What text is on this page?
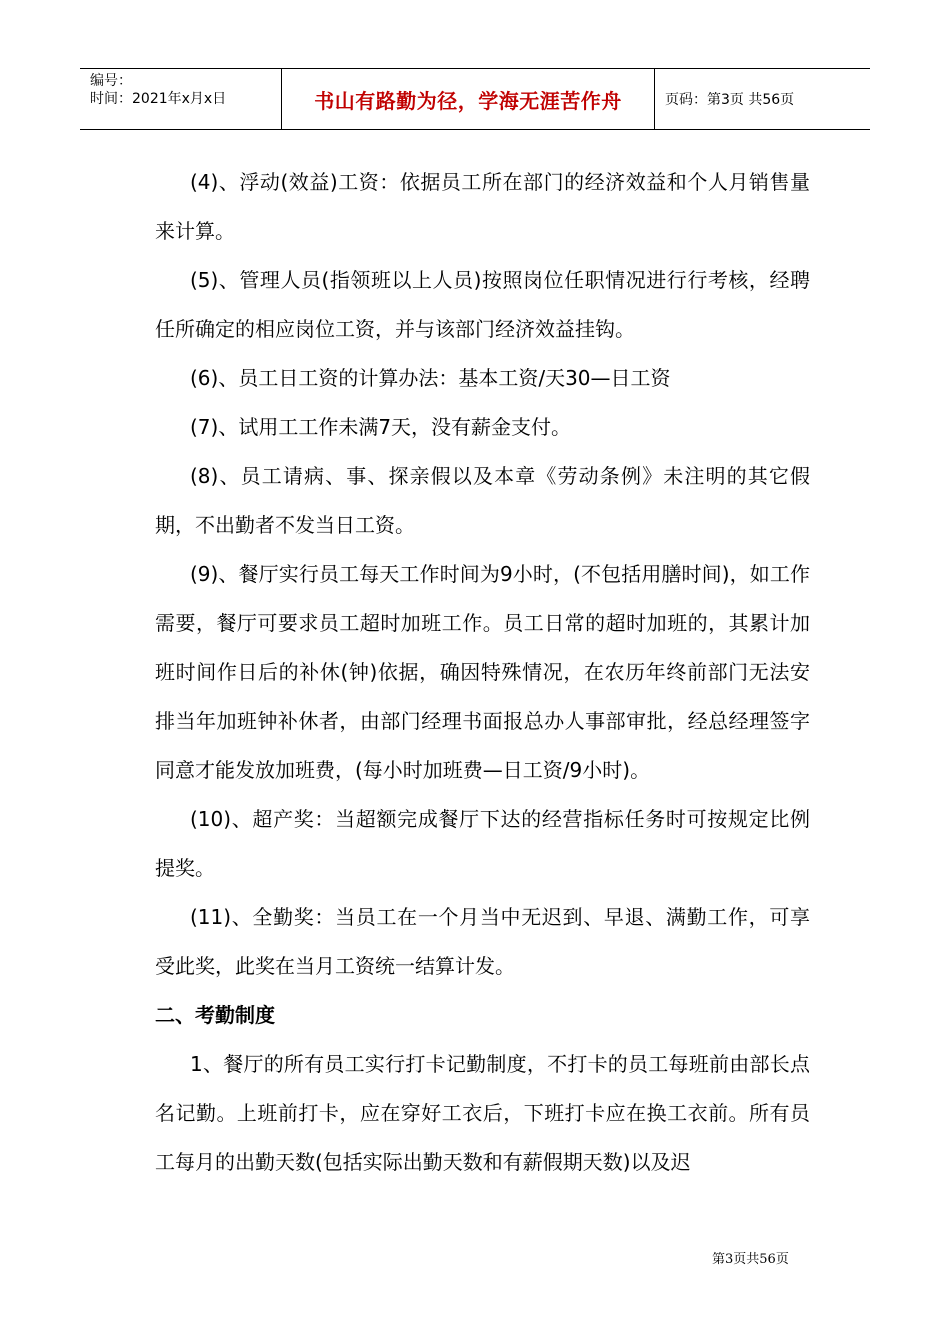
编号：
时间：2021年x月x日	书山有路勤为径，学海无涯苦作舟	页码：第3页 共56页

(4)、浮动(效益)工资：依据员工所在部门的经济效益和个人月销售量来计算。

(5)、管理人员(指领班以上人员)按照岗位任职情况进行行考核，经聘任所确定的相应岗位工资，并与该部门经济效益挂钩。

(6)、员工日工资的计算办法：基本工资/天30—日工资

(7)、试用工工作未满7天，没有薪金支付。

(8)、员工请病、事、探亲假以及本章《劳动条例》未注明的其它假期，不出勤者不发当日工资。

(9)、餐厅实行员工每天工作时间为9小时，(不包括用膳时间)，如工作需要，餐厅可要求员工超时加班工作。员工日常的超时加班的，其累计加班时间作日后的补休(钟)依据，确因特殊情况，在农历年终前部门无法安排当年加班钟补休者，由部门经理书面报总办人事部审批，经总经理签字同意才能发放加班费，(每小时加班费—日工资/9小时)。

(10)、超产奖：当超额完成餐厅下达的经营指标任务时可按规定比例提奖。

(11)、全勤奖：当员工在一个月当中无迟到、早退、满勤工作，可享受此奖，此奖在当月工资统一结算计发。

二、考勤制度

1、餐厅的所有员工实行打卡记勤制度，不打卡的员工每班前由部长点名记勤。上班前打卡，应在穿好工衣后，下班打卡应在换工衣前。所有员工每月的出勤天数(包括实际出勤天数和有薪假期天数)以及迟

第3页共56页
